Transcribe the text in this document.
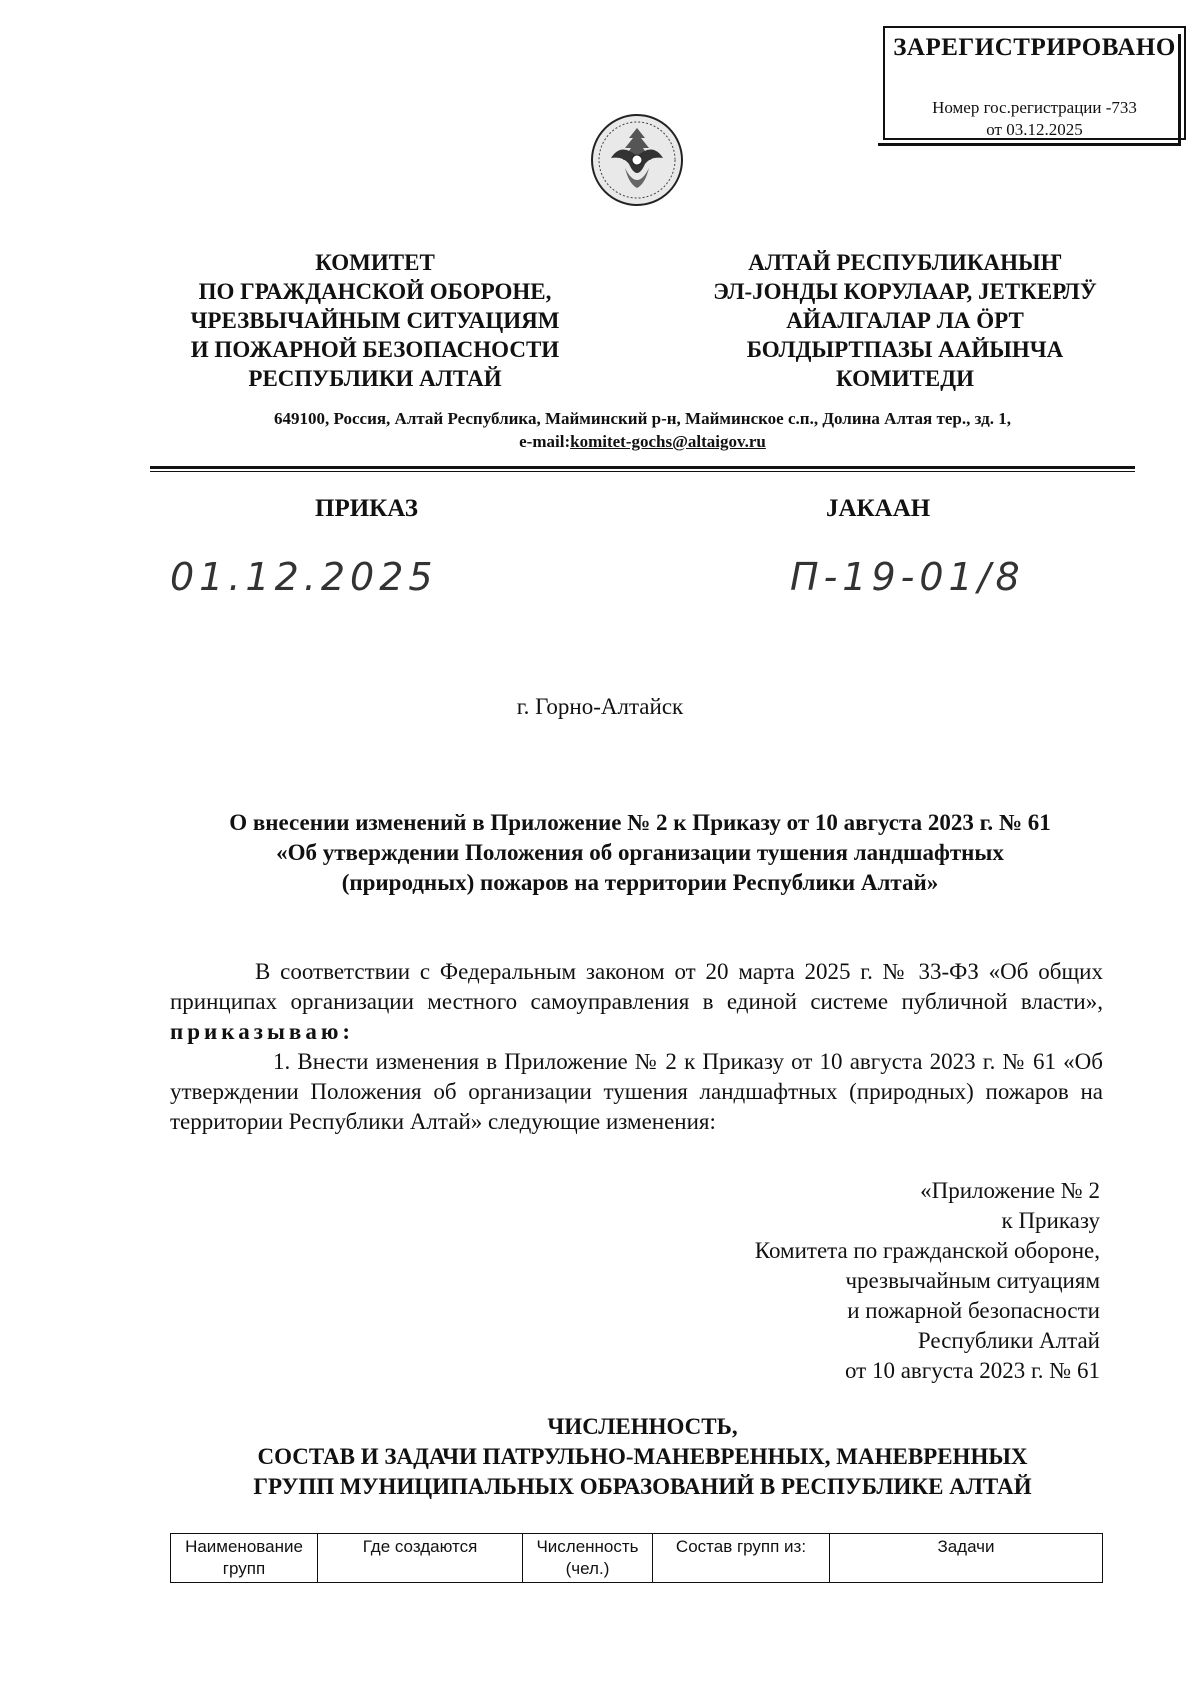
ЗАРЕГИСТРИРОВАНО
Номер гос.регистрации -733
от 03.12.2025
КОМИТЕТ
ПО ГРАЖДАНСКОЙ ОБОРОНЕ,
ЧРЕЗВЫЧАЙНЫМ СИТУАЦИЯМ
И ПОЖАРНОЙ БЕЗОПАСНОСТИ
РЕСПУБЛИКИ АЛТАЙ
АЛТАЙ РЕСПУБЛИКАНЫҤ
ЭЛ-ЈОНДЫ КОРУЛААР, ЈЕТКЕРЛӰ
АЙАЛГАЛАР ЛА ӦРТ
БОЛДЫРТПАЗЫ ААЙЫНЧА
КОМИТЕДИ
649100, Россия, Алтай Республика, Майминский р-н, Майминское с.п., Долина Алтая тер., зд. 1,
e-mail:komitet-gochs@altaigov.ru
ПРИКАЗ	ЈАКААН
01.12.2025	П-19-01/8
г. Горно-Алтайск
О внесении изменений в Приложение № 2 к Приказу от 10 августа 2023 г. № 61
«Об утверждении Положения об организации тушения ландшафтных
(природных) пожаров на территории Республики Алтай»
В соответствии с Федеральным законом от 20 марта 2025 г. № 33-ФЗ «Об общих принципах организации местного самоуправления в единой системе публичной власти», приказываю:
1. Внести изменения в Приложение № 2 к Приказу от 10 августа 2023 г. № 61 «Об утверждении Положения об организации тушения ландшафтных (природных) пожаров на территории Республики Алтай» следующие изменения:
«Приложение № 2
к Приказу
Комитета по гражданской обороне,
чрезвычайным ситуациям
и пожарной безопасности
Республики Алтай
от 10 августа 2023 г. № 61
ЧИСЛЕННОСТЬ,
СОСТАВ И ЗАДАЧИ ПАТРУЛЬНО-МАНЕВРЕННЫХ, МАНЕВРЕННЫХ
ГРУПП МУНИЦИПАЛЬНЫХ ОБРАЗОВАНИЙ В РЕСПУБЛИКЕ АЛТАЙ
Наименование групп	Где создаются	Численность (чел.)	Состав групп из:	Задачи
